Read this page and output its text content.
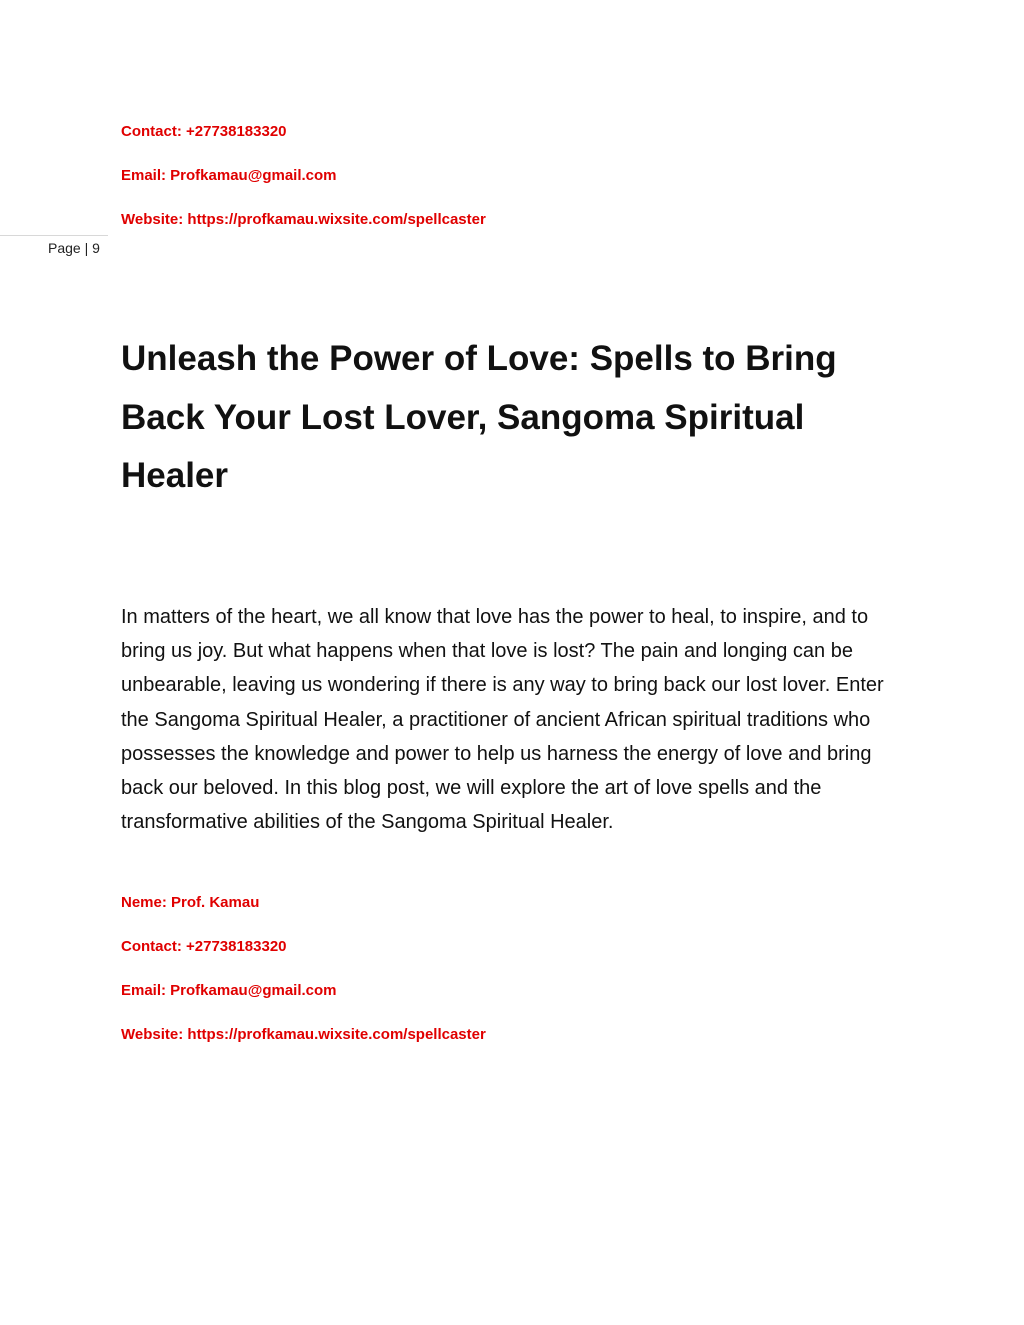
Contact: +27738183320
Email: Profkamau@gmail.com
Website: https://profkamau.wixsite.com/spellcaster
Page | 9
Unleash the Power of Love: Spells to Bring Back Your Lost Lover, Sangoma Spiritual Healer

In matters of the heart, we all know that love has the power to heal, to inspire, and to bring us joy. But what happens when that love is lost? The pain and longing can be unbearable, leaving us wondering if there is any way to bring back our lost lover. Enter the Sangoma Spiritual Healer, a practitioner of ancient African spiritual traditions who possesses the knowledge and power to help us harness the energy of love and bring back our beloved. In this blog post, we will explore the art of love spells and the transformative abilities of the Sangoma Spiritual Healer.

Neme: Prof. Kamau
Contact: +27738183320
Email: Profkamau@gmail.com
Website: https://profkamau.wixsite.com/spellcaster
